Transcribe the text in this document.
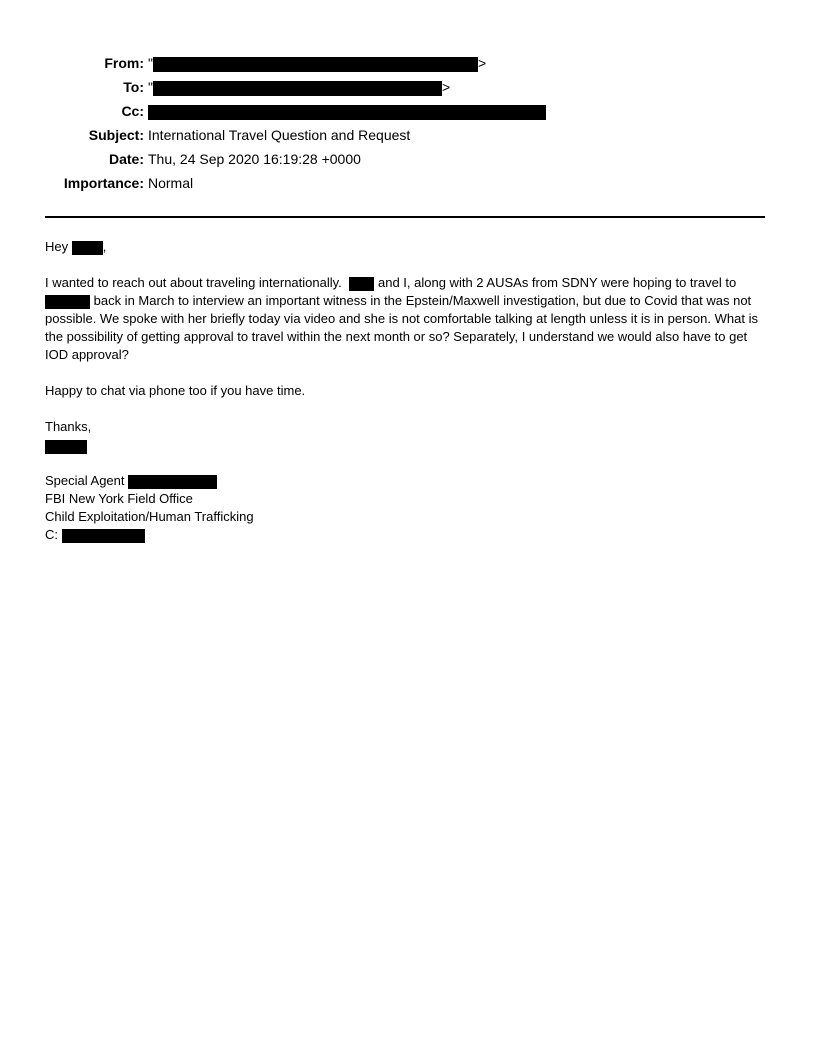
From: "	>
To: "	>
Cc:
Subject: International Travel Question and Request
Date: Thu, 24 Sep 2020 16:19:28 +0000
Importance: Normal
Hey	,

I wanted to reach out about traveling internationally.  and I, along with 2 AUSAs from SDNY were hoping to travel to
back in March to interview an important witness in the Epstein/Maxwell investigation, but due to Covid that was not possible. We spoke with her briefly today via video and she is not comfortable talking at length unless it is in person. What is the possibility of getting approval to travel within the next month or so? Separately, I understand we would also have to get IOD approval?

Happy to chat via phone too if you have time.
Thanks,
Special Agent
FBI New York Field Office
Child Exploitation/Human Trafficking
C:
